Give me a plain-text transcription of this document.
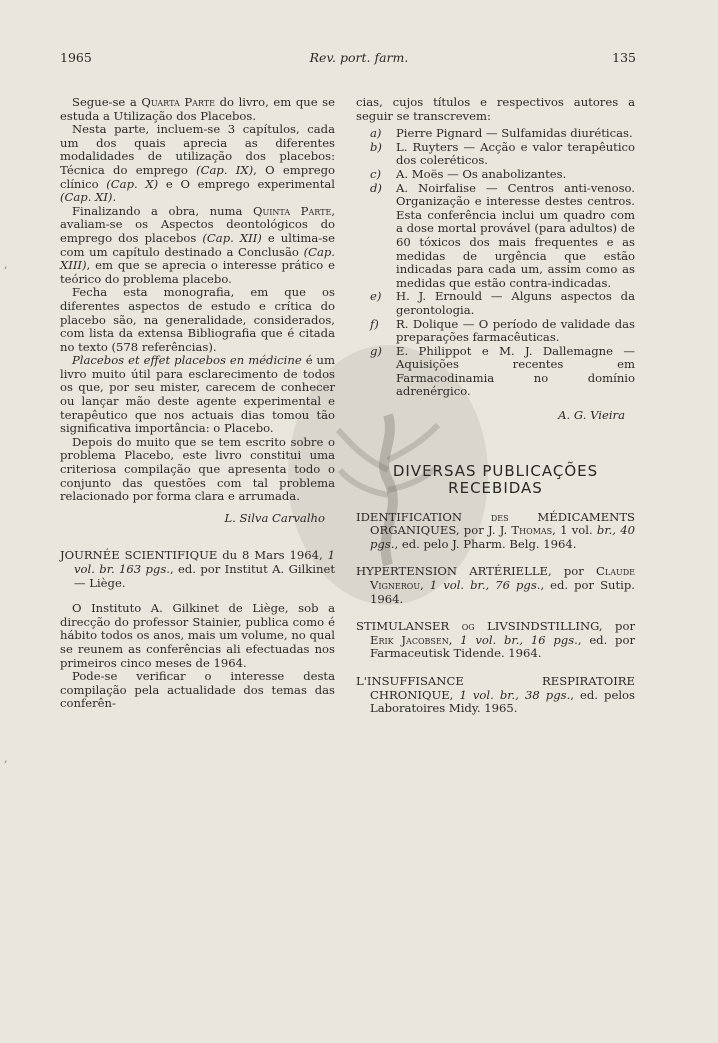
,
,
1965	Rev. port. farm.	135

Segue-se a Quarta Parte do livro, em que se estuda a Utilização dos Placebos.

Nesta parte, incluem-se 3 capítulos, cada um dos quais aprecia as diferentes modalidades de utilização dos placebos: Técnica do emprego (Cap. IX), O emprego clínico (Cap. X) e O emprego experimental (Cap. XI).

Finalizando a obra, numa Quinta Parte, avaliam-se os Aspectos deontológicos do emprego dos placebos (Cap. XII) e ultima-se com um capítulo destinado a Conclusão (Cap. XIII), em que se aprecia o interesse prático e teórico do problema placebo.

Fecha esta monografia, em que os diferentes aspectos de estudo e crítica do placebo são, na generalidade, considerados, com lista da extensa Bibliografia que é citada no texto (578 referências).

Placebos et effet placebos en médicine é um livro muito útil para esclarecimento de todos os que, por seu mister, carecem de conhecer ou lançar mão deste agente experimental e terapêutico que nos actuais dias tomou tão significativa importância: o Placebo.

Depois do muito que se tem escrito sobre o problema Placebo, este livro constitui uma criteriosa compilação que apresenta todo o conjunto das questões com tal problema relacionado por forma clara e arrumada.

L. Silva Carvalho

JOURNÉE SCIENTIFIQUE du 8 Mars 1964, 1 vol. br. 163 pgs., ed. por Institut A. Gilkinet — Liège.

O Instituto A. Gilkinet de Liège, sob a direcção do professor Stainier, publica como é hábito todos os anos, mais um volume, no qual se reunem as conferências ali efectuadas nos primeiros cinco meses de 1964.

Pode-se verificar o interesse desta compilação pela actualidade dos temas das conferên-

cias, cujos títulos e respectivos autores a seguir se transcrevem:

a) Pierre Pignard — Sulfamidas diuréticas.
b) L. Ruyters — Acção e valor terapêutico dos coleréticos.
c) A. Moës — Os anabolizantes.
d) A. Noirfalise — Centros anti-venoso. Organização e interesse destes centros. Esta conferência inclui um quadro com a dose mortal provável (para adultos) de 60 tóxicos dos mais frequentes e as medidas de urgência que estão indicadas para cada um, assim como as medidas que estão contra-indicadas.
e) H. J. Ernould — Alguns aspectos da gerontologia.
f) R. Dolique — O período de validade das preparações farmacêuticas.
g) E. Philippot e M. J. Dallemagne — Aquisições recentes em Farmacodinamia no domínio adrenérgico.

A. G. Vieira

DIVERSAS PUBLICAÇÕES
RECEBIDAS

IDENTIFICATION des MÉDICAMENTS ORGANIQUES, por J. J. Thomas, 1 vol. br., 40 pgs., ed. pelo J. Pharm. Belg. 1964.

HYPERTENSION ARTÉRIELLE, por Claude Vignerou, 1 vol. br., 76 pgs., ed. por Sutip. 1964.

STIMULANSER og LIVSINDSTILLING, por Erik Jacobsen, 1 vol. br., 16 pgs., ed. por Farmaceutisk Tidende. 1964.

L'INSUFFISANCE RESPIRATOIRE CHRONIQUE, 1 vol. br., 38 pgs., ed. pelos Laboratoires Midy. 1965.
